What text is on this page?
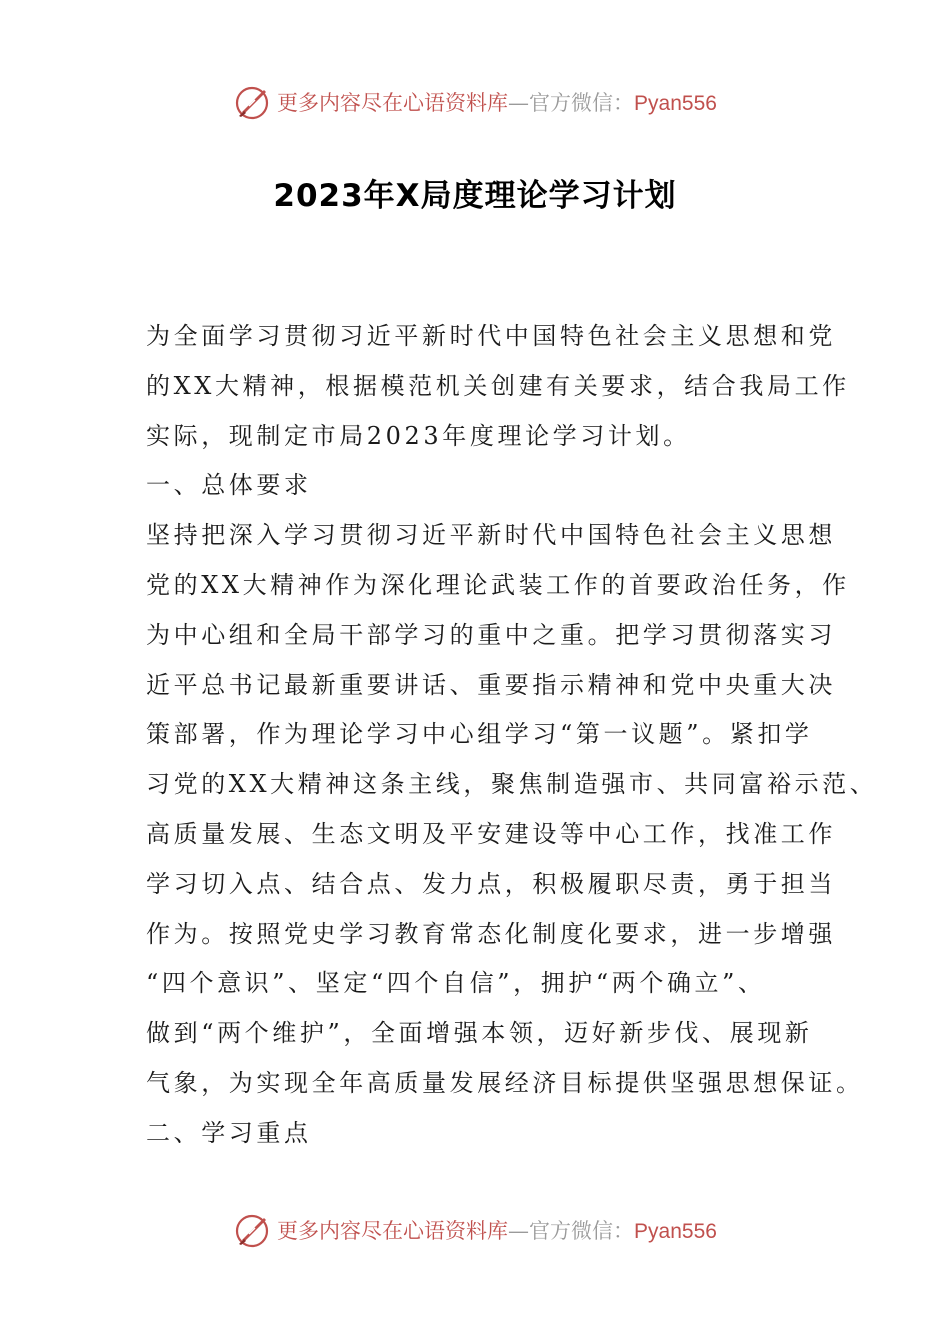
更多内容尽在心语资料库—官方微信：Pyan556
2023年X局度理论学习计划
为全面学习贯彻习近平新时代中国特色社会主义思想和党
的XX大精神，根据模范机关创建有关要求，结合我局工作
实际，现制定市局2023年度理论学习计划。
一、总体要求
坚持把深入学习贯彻习近平新时代中国特色社会主义思想
党的XX大精神作为深化理论武装工作的首要政治任务，作
为中心组和全局干部学习的重中之重。把学习贯彻落实习
近平总书记最新重要讲话、重要指示精神和党中央重大决
策部署，作为理论学习中心组学习“第一议题”。紧扣学
习党的XX大精神这条主线，聚焦制造强市、共同富裕示范、
高质量发展、生态文明及平安建设等中心工作，找准工作
学习切入点、结合点、发力点，积极履职尽责，勇于担当
作为。按照党史学习教育常态化制度化要求，进一步增强
“四个意识”、坚定“四个自信”，拥护“两个确立”、
做到“两个维护”，全面增强本领，迈好新步伐、展现新
气象，为实现全年高质量发展经济目标提供坚强思想保证。
二、学习重点
更多内容尽在心语资料库—官方微信：Pyan556
